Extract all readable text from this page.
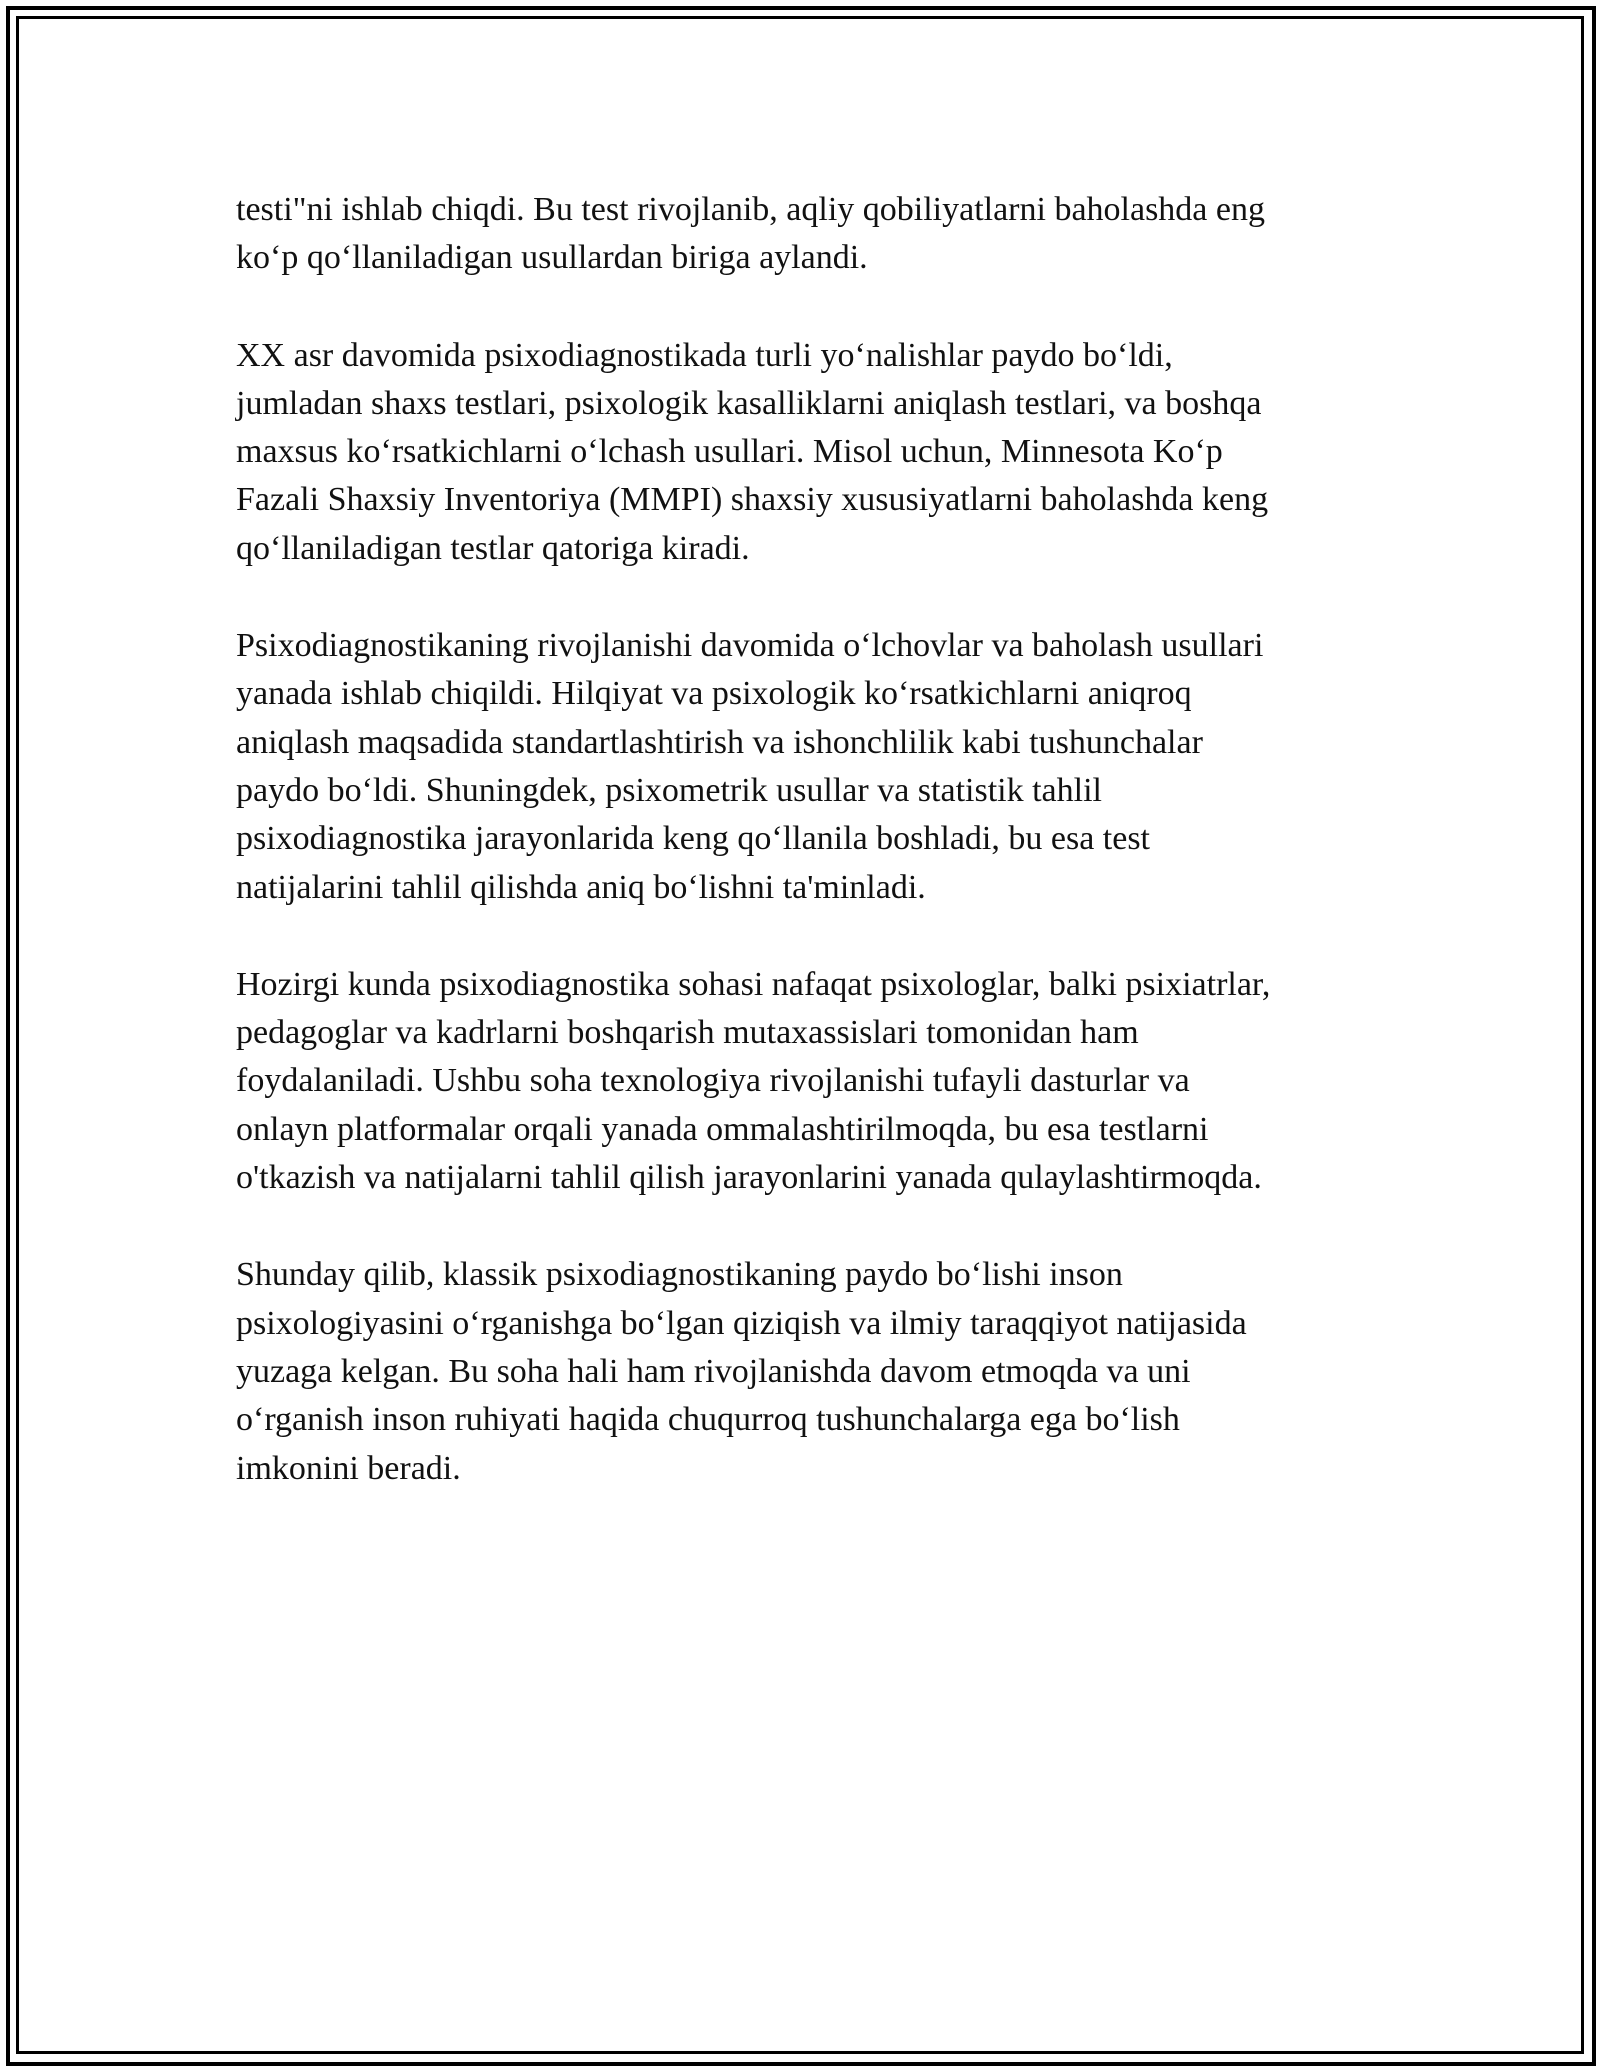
testi"ni ishlab chiqdi. Bu test rivojlanib, aqliy qobiliyatlarni baholashda eng
ko‘p qo‘llaniladigan usullardan biriga aylandi.

XX asr davomida psixodiagnostikada turli yo‘nalishlar paydo bo‘ldi,
jumladan shaxs testlari, psixologik kasalliklarni aniqlash testlari, va boshqa
maxsus ko‘rsatkichlarni o‘lchash usullari. Misol uchun, Minnesota Ko‘p
Fazali Shaxsiy Inventoriya (MMPI) shaxsiy xususiyatlarni baholashda keng
qo‘llaniladigan testlar qatoriga kiradi.

Psixodiagnostikaning rivojlanishi davomida o‘lchovlar va baholash usullari
yanada ishlab chiqildi. Hilqiyat va psixologik ko‘rsatkichlarni aniqroq
aniqlash maqsadida standartlashtirish va ishonchlilik kabi tushunchalar
paydo bo‘ldi. Shuningdek, psixometrik usullar va statistik tahlil
psixodiagnostika jarayonlarida keng qo‘llanila boshladi, bu esa test
natijalarini tahlil qilishda aniq bo‘lishni ta'minladi.

Hozirgi kunda psixodiagnostika sohasi nafaqat psixologlar, balki psixiatrlar,
pedagoglar va kadrlarni boshqarish mutaxassislari tomonidan ham
foydalaniladi. Ushbu soha texnologiya rivojlanishi tufayli dasturlar va
onlayn platformalar orqali yanada ommalashtirilmoqda, bu esa testlarni
o'tkazish va natijalarni tahlil qilish jarayonlarini yanada qulaylashtirmoqda.

Shunday qilib, klassik psixodiagnostikaning paydo bo‘lishi inson
psixologiyasini o‘rganishga bo‘lgan qiziqish va ilmiy taraqqiyot natijasida
yuzaga kelgan. Bu soha hali ham rivojlanishda davom etmoqda va uni
o‘rganish inson ruhiyati haqida chuqurroq tushunchalarga ega bo‘lish
imkonini beradi.
